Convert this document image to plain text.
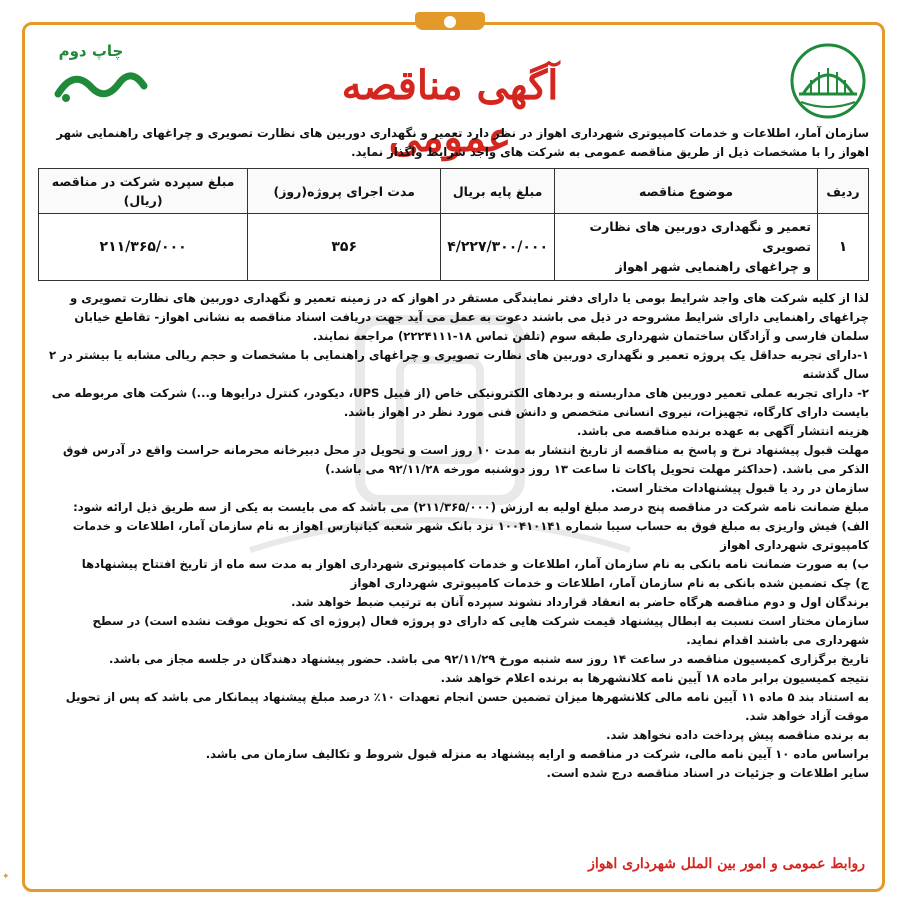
چاپ دوم
آگهی مناقصه عمومی

سازمان آمار، اطلاعات و خدمات کامپیوتری شهرداری اهواز در نظر دارد تعمیر و نگهداری دوربین های نظارت تصویری و چراغهای راهنمایی شهر اهواز را با مشخصات ذیل از طریق مناقصه عمومی به شرکت های واجد شرایط واگذار نماید.

ردیف	موضوع مناقصه	مبلغ پایه بریال	مدت اجرای پروژه(روز)	مبلغ سپرده شرکت در مناقصه (ریال)
۱	تعمیر و نگهداری دوربین های نظارت تصویری
و چراغهای راهنمایی شهر اهواز	۴/۲۲۷/۳۰۰/۰۰۰	۳۵۶	۲۱۱/۳۶۵/۰۰۰

لذا از کلیه شرکت های واجد شرایط بومی یا دارای دفتر نمایندگی مستقر در اهواز که در زمینه تعمیر و نگهداری دوربین های نظارت تصویری و چراغهای راهنمایی دارای شرایط مشروحه در ذیل می باشند دعوت به عمل می آید جهت دریافت اسناد مناقصه به نشانی اهواز- تقاطع خیابان سلمان فارسی و آزادگان ساختمان شهرداری طبقه سوم (تلفن تماس ۱۸-۲۲۲۴۱۱۱) مراجعه نمایند.

۱-دارای تجربه حداقل یک پروژه تعمیر و نگهداری دوربین های نظارت تصویری و چراغهای راهنمایی با مشخصات و حجم ریالی مشابه یا بیشتر در ۲ سال گذشته

۲- دارای تجربه عملی تعمیر دوربین های مداربسته و بردهای الکترونیکی خاص (از قبیل UPS، دیکودر، کنترل درایوها و...) شرکت های مربوطه می بایست دارای کارگاه، تجهیزات، نیروی انسانی متخصص و دانش فنی مورد نظر در اهواز باشد.

هزینه انتشار آگهی به عهده برنده مناقصه می باشد.

مهلت قبول پیشنهاد نرخ و پاسخ به مناقصه از تاریخ انتشار به مدت ۱۰ روز است و تحویل در محل دبیرخانه محرمانه حراست واقع در آدرس فوق الذکر می باشد. (حداکثر مهلت تحویل پاکات تا ساعت ۱۳ روز دوشنبه مورخه ۹۲/۱۱/۲۸ می باشد.)

سازمان در رد یا قبول پیشنهادات مختار است.

مبلغ ضمانت نامه شرکت در مناقصه پنج درصد مبلغ اولیه به ارزش (۲۱۱/۳۶۵/۰۰۰) می باشد که می بایست به یکی از سه طریق ذیل ارائه شود:

الف) فیش واریزی به مبلغ فوق به حساب سیبا شماره ۱۰۰۴۱۰۱۴۱ نزد بانک شهر شعبه کیانپارس اهواز به نام سازمان آمار، اطلاعات و خدمات کامپیوتری شهرداری اهواز

ب) به صورت ضمانت نامه بانکی به نام سازمان آمار، اطلاعات و خدمات کامپیوتری شهرداری اهواز به مدت سه ماه از تاریخ افتتاح پیشنهادها

ج) چک تضمین شده بانکی به نام سازمان آمار، اطلاعات و خدمات کامپیوتری شهرداری اهواز

برندگان اول و دوم مناقصه هرگاه حاضر به انعقاد قرارداد نشوند سپرده آنان به ترتیب ضبط خواهد شد.

سازمان مختار است نسبت به ابطال پیشنهاد قیمت شرکت هایی که دارای دو پروژه فعال (پروژه ای که تحویل موقت نشده است) در سطح شهرداری می باشند اقدام نماید.

تاریخ برگزاری کمیسیون مناقصه در ساعت ۱۴ روز سه شنبه مورخ ۹۲/۱۱/۲۹ می باشد. حضور پیشنهاد دهندگان در جلسه مجاز می باشد.

نتیجه کمیسیون برابر ماده ۱۸ آیین نامه کلانشهرها به برنده اعلام خواهد شد.

به استناد بند ۵ ماده ۱۱ آیین نامه مالی کلانشهرها میزان تضمین حسن انجام تعهدات ۱۰٪ درصد مبلغ پیشنهاد پیمانکار می باشد که پس از تحویل موقت آزاد خواهد شد.

به برنده مناقصه پیش پرداخت داده نخواهد شد.

براساس ماده ۱۰ آیین نامه مالی، شرکت در مناقصه و ارایه پیشنهاد به منزله قبول شروط و تکالیف سازمان می باشد.

سایر اطلاعات و جزئیات در اسناد مناقصه درج شده است.

روابط عمومی و امور بین الملل شهرداری اهواز
✦
